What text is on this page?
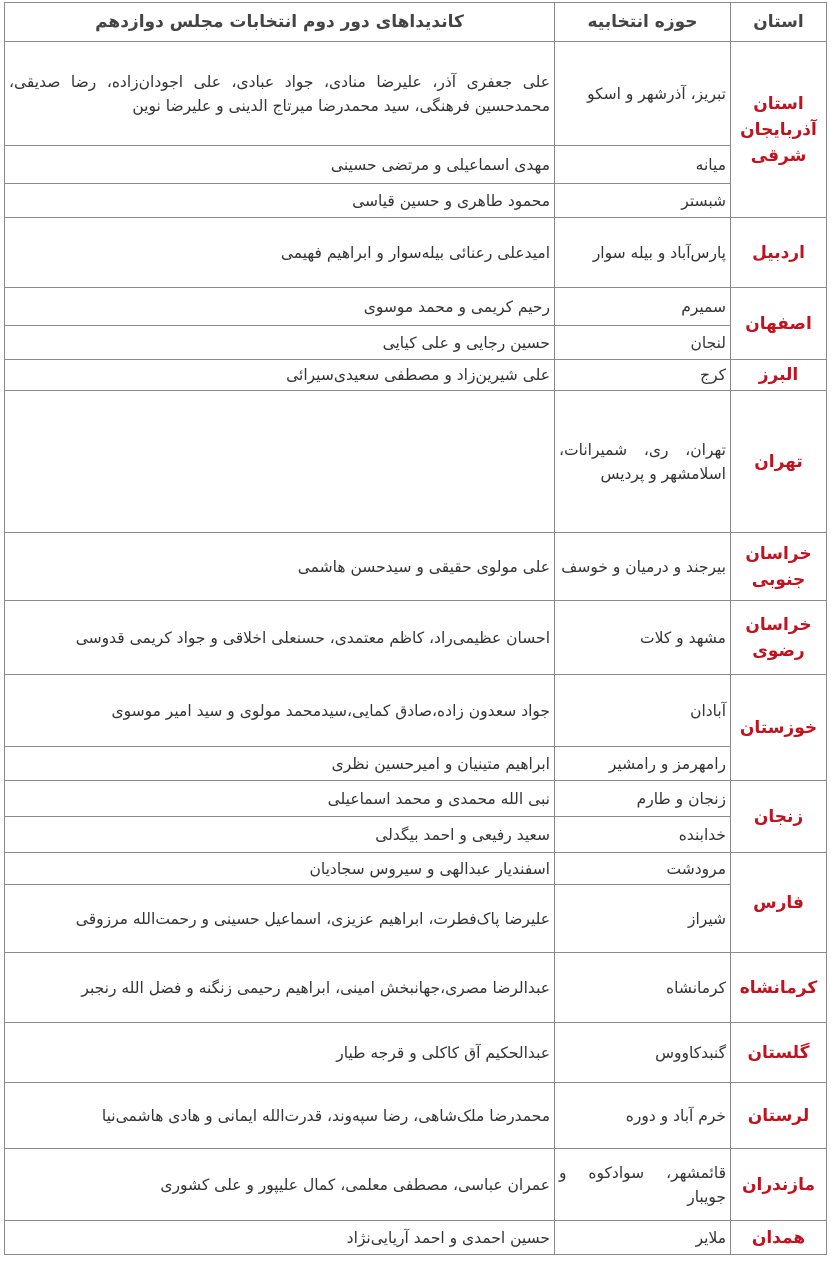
استان	حوزه انتخابیه	کاندیداهای دور دوم انتخابات مجلس دوازدهم
استان آذربایجان شرقی	تبریز، آذرشهر و اسکو	علی جعفری آذر، علیرضا منادی، جواد عبادی، علی اجودان‌زاده، رضا صدیقی، محمدحسین فرهنگی، سید محمدرضا میرتاج الدینی و علیرضا نوین
	میانه	مهدی اسماعیلی و مرتضی حسینی
	شبستر	محمود طاهری و حسین قیاسی
اردبیل	پارس‌آباد و بیله سوار	امیدعلی رعنائی بیله‌سوار و ابراهیم فهیمی
اصفهان	سمیرم	رحیم کریمی و محمد موسوی
	لنجان	حسین رجایی و علی کیایی
البرز	کرج	علی شیرین‌زاد و مصطفی سعیدی‌سیرائی
تهران	تهران، ری، شمیرانات، اسلامشهر و پردیس	
خراسان جنوبی	بیرجند و درمیان و خوسف	علی مولوی حقیقی و سیدحسن هاشمی
خراسان رضوی	مشهد و کلات	احسان عظیمی‌راد، کاظم معتمدی، حسنعلی اخلاقی و جواد کریمی قدوسی
خوزستان	آبادان	جواد سعدون زاده،صادق کمایی،سیدمحمد مولوی و سید امیر موسوی
	رامهرمز و رامشیر	ابراهیم متینیان و امیرحسین نظری
زنجان	زنجان و طارم	نبی الله محمدی و محمد اسماعیلی
	خدابنده	سعید رفیعی و احمد بیگدلی
فارس	مرودشت	اسفندیار عبدالهی و سیروس سجادیان
	شیراز	علیرضا پاک‌فطرت، ابراهیم عزیزی، اسماعیل حسینی و رحمت‌الله مرزوقی
کرمانشاه	کرمانشاه	عبدالرضا مصری،جهانبخش امینی، ابراهیم رحیمی زنگنه و فضل الله رنجبر
گلستان	گنبدکاووس	عبدالحکیم آق کاکلی و قرجه طیار
لرستان	خرم آباد و دوره	محمدرضا ملک‌شاهی، رضا سپه‌وند، قدرت‌الله ایمانی و هادی هاشمی‌نیا
مازندران	قائمشهر، سوادکوه و جویبار	عمران عباسی، مصطفی معلمی، کمال علیپور و علی کشوری
همدان	ملایر	حسین احمدی و احمد آریایی‌نژاد
